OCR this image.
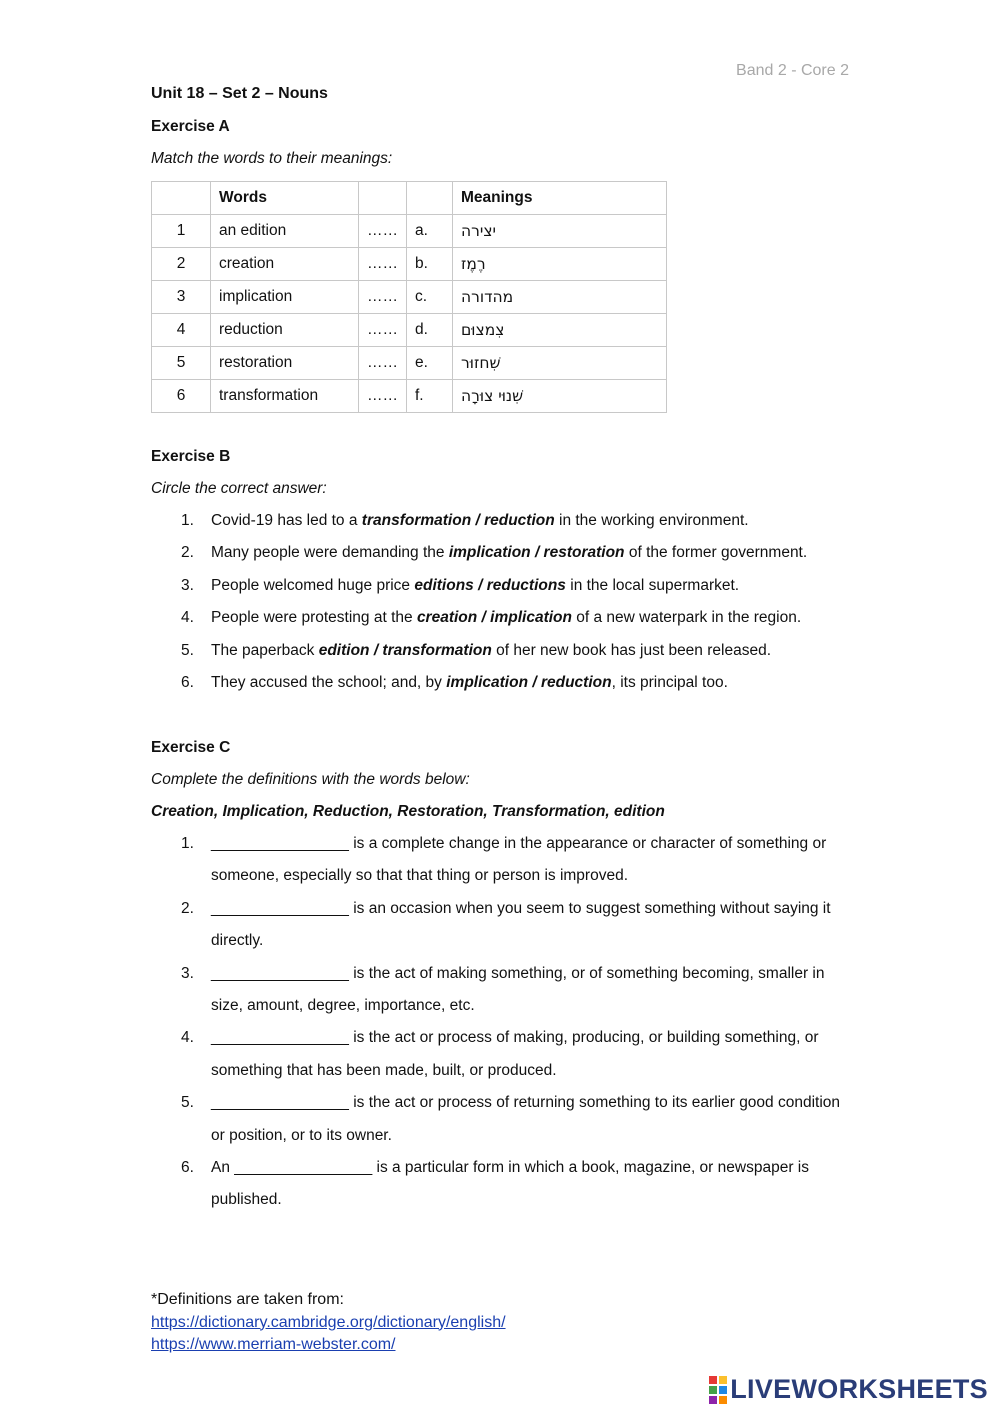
Band 2 - Core 2
Unit 18 – Set 2 – Nouns
Exercise A
Match the words to their meanings:
	Words			Meanings
1	an edition	……	a.	יצירה
2	creation	……	b.	רֶמֶז
3	implication	……	c.	מהדורה
4	reduction	……	d.	צִמצוּם
5	restoration	……	e.	שִׁחזוּר
6	transformation	……	f.	שִׁנוּי צוּרָה
Exercise B
Circle the correct answer:
1. Covid-19 has led to a transformation / reduction in the working environment.
2. Many people were demanding the implication / restoration of the former government.
3. People welcomed huge price editions / reductions in the local supermarket.
4. People were protesting at the creation / implication of a new waterpark in the region.
5. The paperback edition / transformation of her new book has just been released.
6. They accused the school; and, by implication / reduction, its principal too.
Exercise C
Complete the definitions with the words below:
Creation, Implication, Reduction, Restoration, Transformation, edition
1. ________________ is a complete change in the appearance or character of something or someone, especially so that that thing or person is improved.
2. ________________ is an occasion when you seem to suggest something without saying it directly.
3. ________________ is the act of making something, or of something becoming, smaller in size, amount, degree, importance, etc.
4. ________________ is the act or process of making, producing, or building something, or something that has been made, built, or produced.
5. ________________ is the act or process of returning something to its earlier good condition or position, or to its owner.
6. An ________________ is a particular form in which a book, magazine, or newspaper is published.
*Definitions are taken from:
https://dictionary.cambridge.org/dictionary/english/
https://www.merriam-webster.com/
LIVEWORKSHEETS
